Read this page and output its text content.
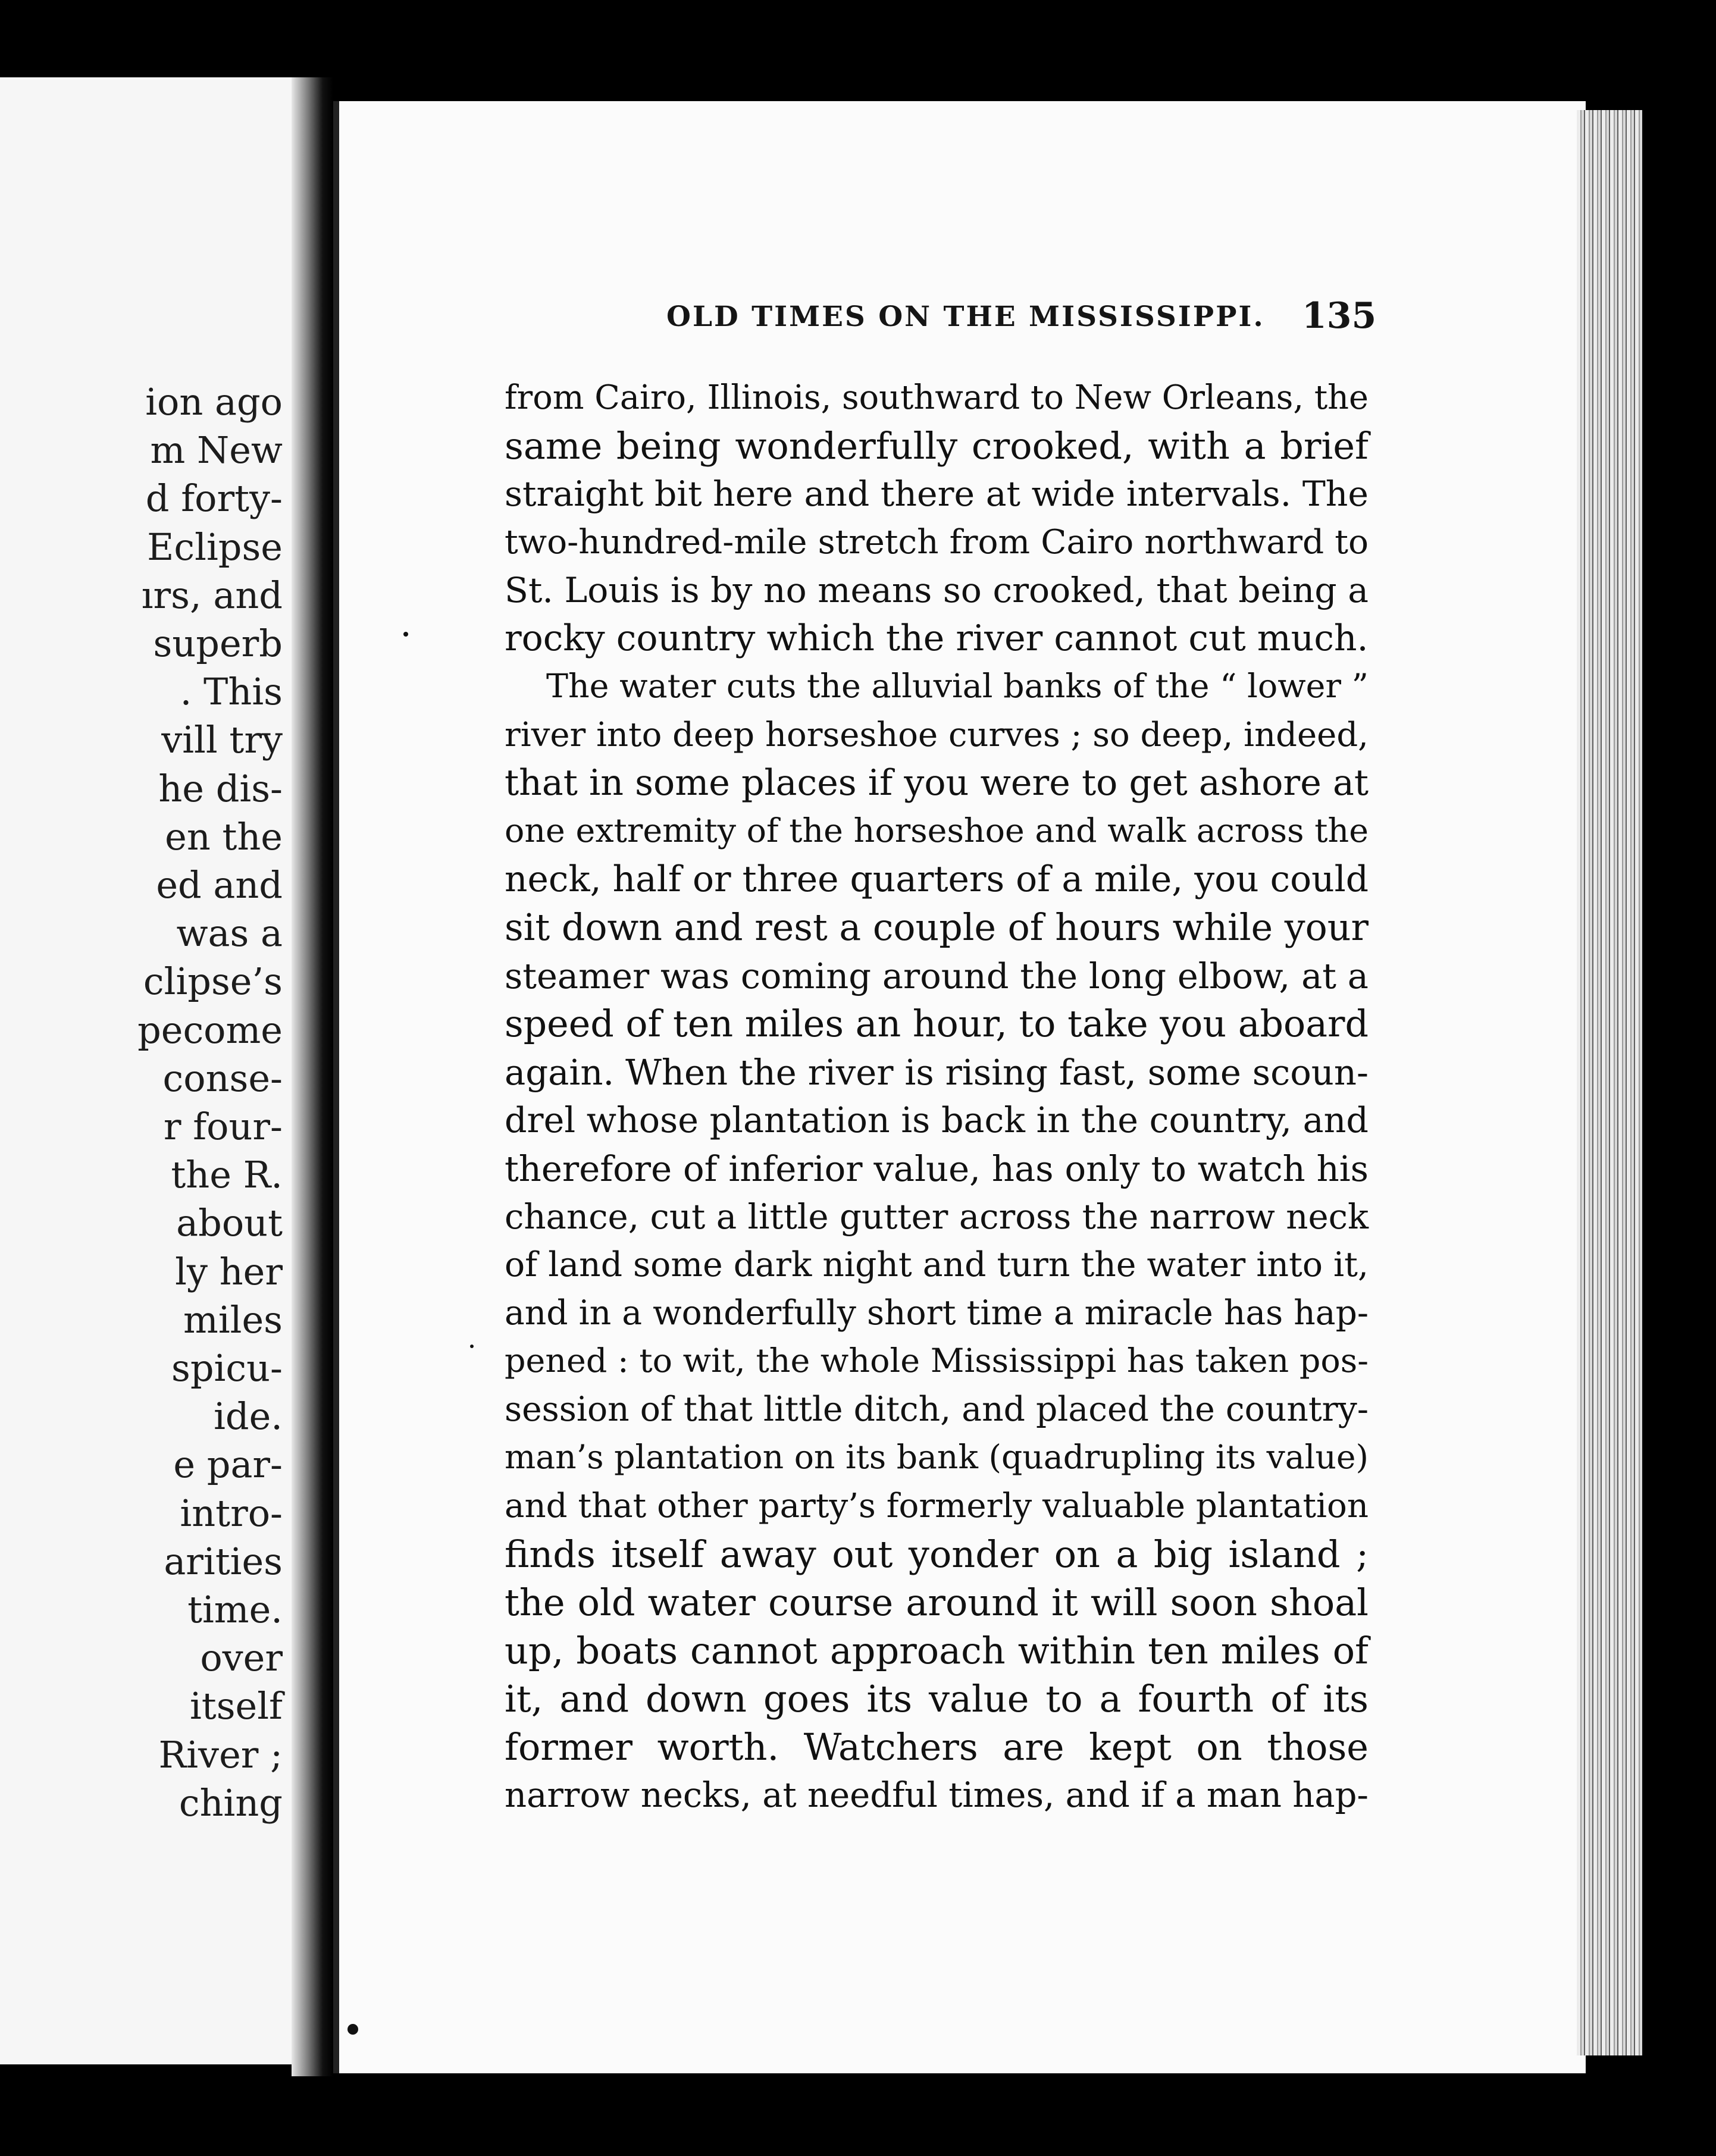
ion ago
m New
d forty-
Eclipse
ırs, and
superb
. This
vill try
he dis-
en the
ed and
was a
clipse’s
pecome
conse-
r four-
the R.
about
ly her
miles
spicu-
ide.
e par-
intro-
arities
time.
over
itself
River ;
ching
OLD TIMES ON THE MISSISSIPPI. 135
from Cairo, Illinois, southward to New Orleans, the
same being wonderfully crooked, with a brief
straight bit here and there at wide intervals. The
two-hundred-mile stretch from Cairo northward to
St. Louis is by no means so crooked, that being a
rocky country which the river cannot cut much.
The water cuts the alluvial banks of the “ lower ”
river into deep horseshoe curves ; so deep, indeed,
that in some places if you were to get ashore at
one extremity of the horseshoe and walk across the
neck, half or three quarters of a mile, you could
sit down and rest a couple of hours while your
steamer was coming around the long elbow, at a
speed of ten miles an hour, to take you aboard
again. When the river is rising fast, some scoun-
drel whose plantation is back in the country, and
therefore of inferior value, has only to watch his
chance, cut a little gutter across the narrow neck
of land some dark night and turn the water into it,
and in a wonderfully short time a miracle has hap-
pened : to wit, the whole Mississippi has taken pos-
session of that little ditch, and placed the country-
man’s plantation on its bank (quadrupling its value)
and that other party’s formerly valuable plantation
finds itself away out yonder on a big island ;
the old water course around it will soon shoal
up, boats cannot approach within ten miles of
it, and down goes its value to a fourth of its
former worth. Watchers are kept on those
narrow necks, at needful times, and if a man hap-
